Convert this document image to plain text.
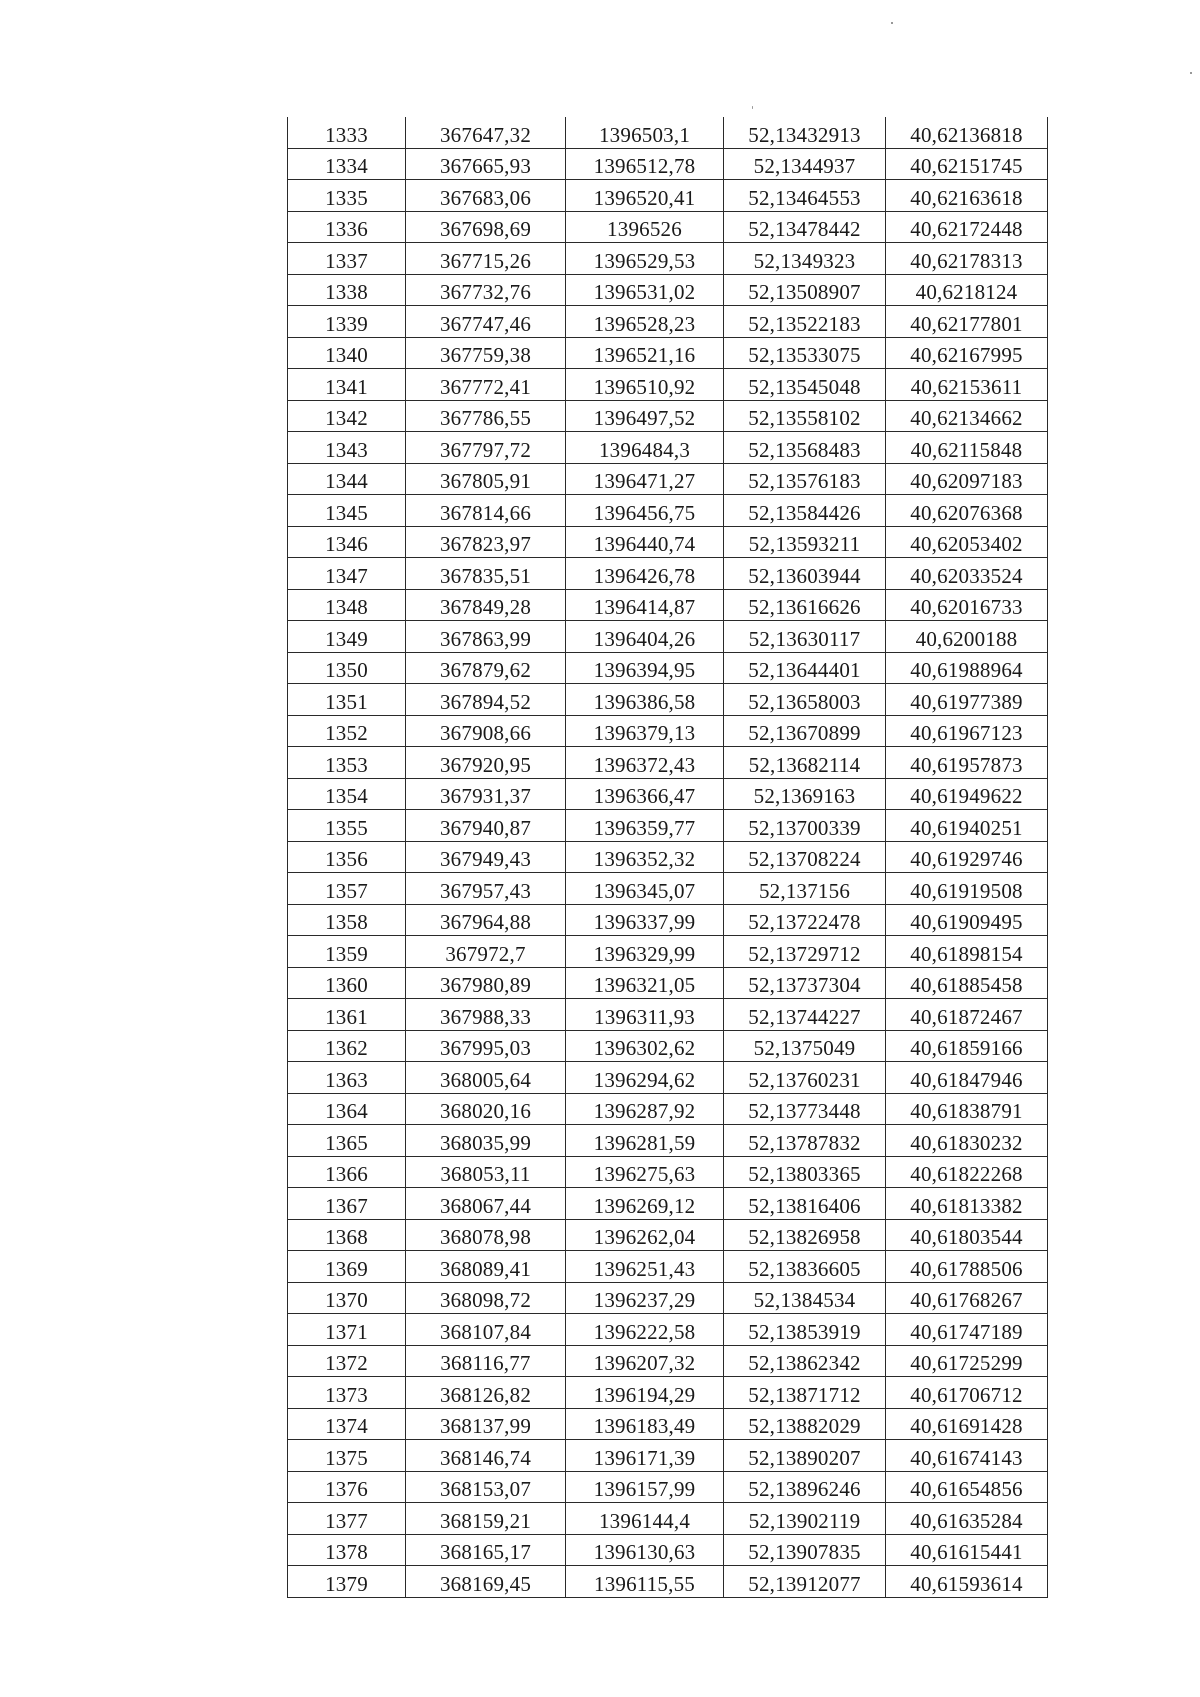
1333	367647,32	1396503,1	52,13432913	40,62136818
1334	367665,93	1396512,78	52,1344937	40,62151745
1335	367683,06	1396520,41	52,13464553	40,62163618
1336	367698,69	1396526	52,13478442	40,62172448
1337	367715,26	1396529,53	52,1349323	40,62178313
1338	367732,76	1396531,02	52,13508907	40,6218124
1339	367747,46	1396528,23	52,13522183	40,62177801
1340	367759,38	1396521,16	52,13533075	40,62167995
1341	367772,41	1396510,92	52,13545048	40,62153611
1342	367786,55	1396497,52	52,13558102	40,62134662
1343	367797,72	1396484,3	52,13568483	40,62115848
1344	367805,91	1396471,27	52,13576183	40,62097183
1345	367814,66	1396456,75	52,13584426	40,62076368
1346	367823,97	1396440,74	52,13593211	40,62053402
1347	367835,51	1396426,78	52,13603944	40,62033524
1348	367849,28	1396414,87	52,13616626	40,62016733
1349	367863,99	1396404,26	52,13630117	40,6200188
1350	367879,62	1396394,95	52,13644401	40,61988964
1351	367894,52	1396386,58	52,13658003	40,61977389
1352	367908,66	1396379,13	52,13670899	40,61967123
1353	367920,95	1396372,43	52,13682114	40,61957873
1354	367931,37	1396366,47	52,1369163	40,61949622
1355	367940,87	1396359,77	52,13700339	40,61940251
1356	367949,43	1396352,32	52,13708224	40,61929746
1357	367957,43	1396345,07	52,137156	40,61919508
1358	367964,88	1396337,99	52,13722478	40,61909495
1359	367972,7	1396329,99	52,13729712	40,61898154
1360	367980,89	1396321,05	52,13737304	40,61885458
1361	367988,33	1396311,93	52,13744227	40,61872467
1362	367995,03	1396302,62	52,1375049	40,61859166
1363	368005,64	1396294,62	52,13760231	40,61847946
1364	368020,16	1396287,92	52,13773448	40,61838791
1365	368035,99	1396281,59	52,13787832	40,61830232
1366	368053,11	1396275,63	52,13803365	40,61822268
1367	368067,44	1396269,12	52,13816406	40,61813382
1368	368078,98	1396262,04	52,13826958	40,61803544
1369	368089,41	1396251,43	52,13836605	40,61788506
1370	368098,72	1396237,29	52,1384534	40,61768267
1371	368107,84	1396222,58	52,13853919	40,61747189
1372	368116,77	1396207,32	52,13862342	40,61725299
1373	368126,82	1396194,29	52,13871712	40,61706712
1374	368137,99	1396183,49	52,13882029	40,61691428
1375	368146,74	1396171,39	52,13890207	40,61674143
1376	368153,07	1396157,99	52,13896246	40,61654856
1377	368159,21	1396144,4	52,13902119	40,61635284
1378	368165,17	1396130,63	52,13907835	40,61615441
1379	368169,45	1396115,55	52,13912077	40,61593614
